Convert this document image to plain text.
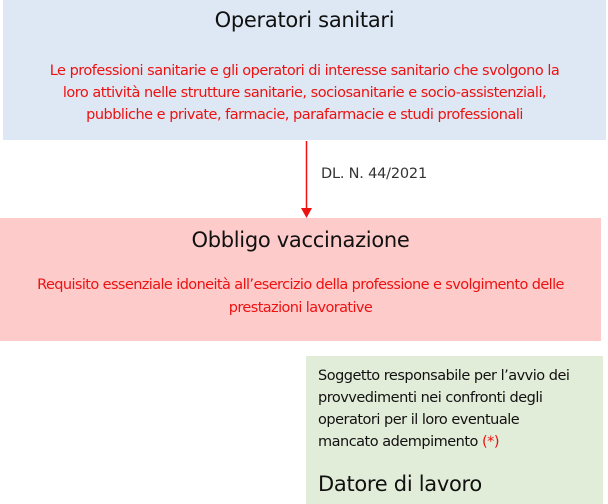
Operatori sanitari
Le professioni sanitarie e gli operatori di interesse sanitario che svolgono la
loro attività nelle strutture sanitarie, sociosanitarie e socio-assistenziali,
pubbliche e private, farmacie, parafarmacie e studi professionali
DL. N. 44/2021
Obbligo vaccinazione
Requisito essenziale idoneità all’esercizio della professione e svolgimento delle
prestazioni lavorative
Soggetto responsabile per l’avvio dei
provvedimenti nei confronti degli
operatori per il loro eventuale
mancato adempimento (*)
Datore di lavoro
